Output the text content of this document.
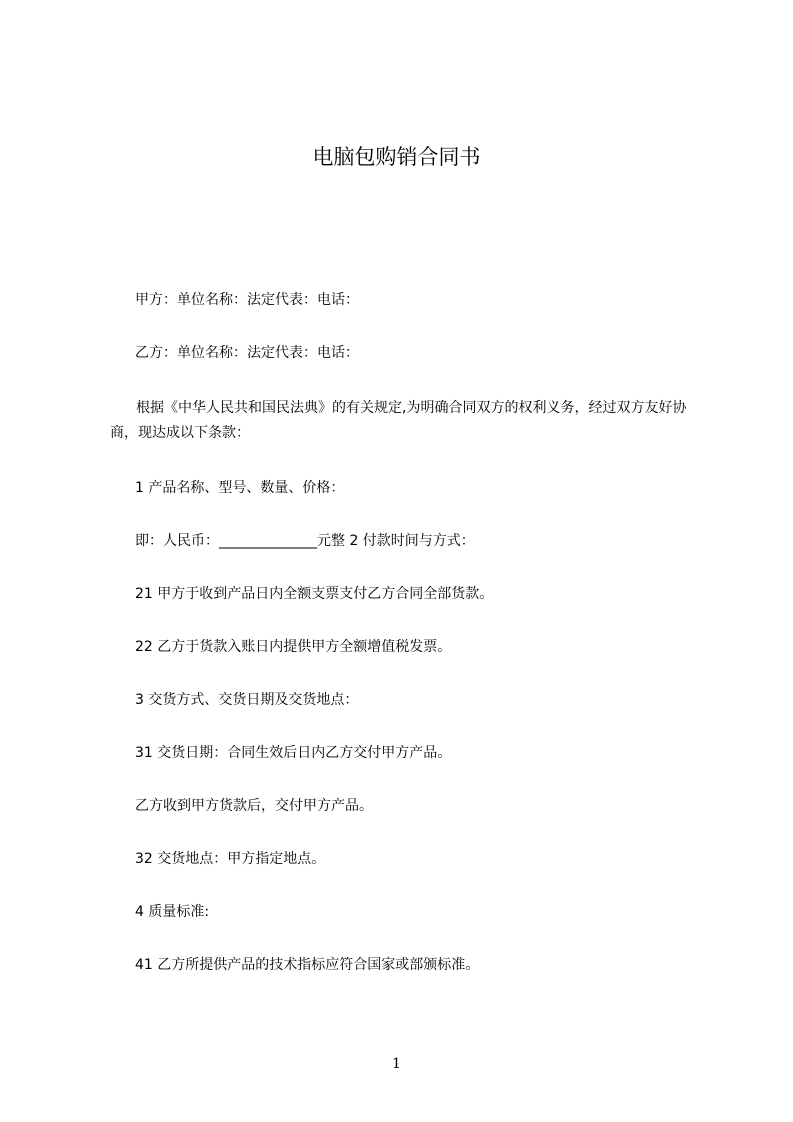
电脑包购销合同书

甲方：单位名称：法定代表：电话：

乙方：单位名称：法定代表：电话：

根据《中华人民共和国民法典》的有关规定,为明确合同双方的权利义务，经过双方友好协商，现达成以下条款：

1 产品名称、型号、数量、价格：

即：人民币：______________元整 2 付款时间与方式：

21 甲方于收到产品日内全额支票支付乙方合同全部货款。

22 乙方于货款入账日内提供甲方全额增值税发票。

3 交货方式、交货日期及交货地点：

31 交货日期：合同生效后日内乙方交付甲方产品。

乙方收到甲方货款后，交付甲方产品。

32 交货地点：甲方指定地点。

4 质量标准:

41 乙方所提供产品的技术指标应符合国家或部颁标准。

1
